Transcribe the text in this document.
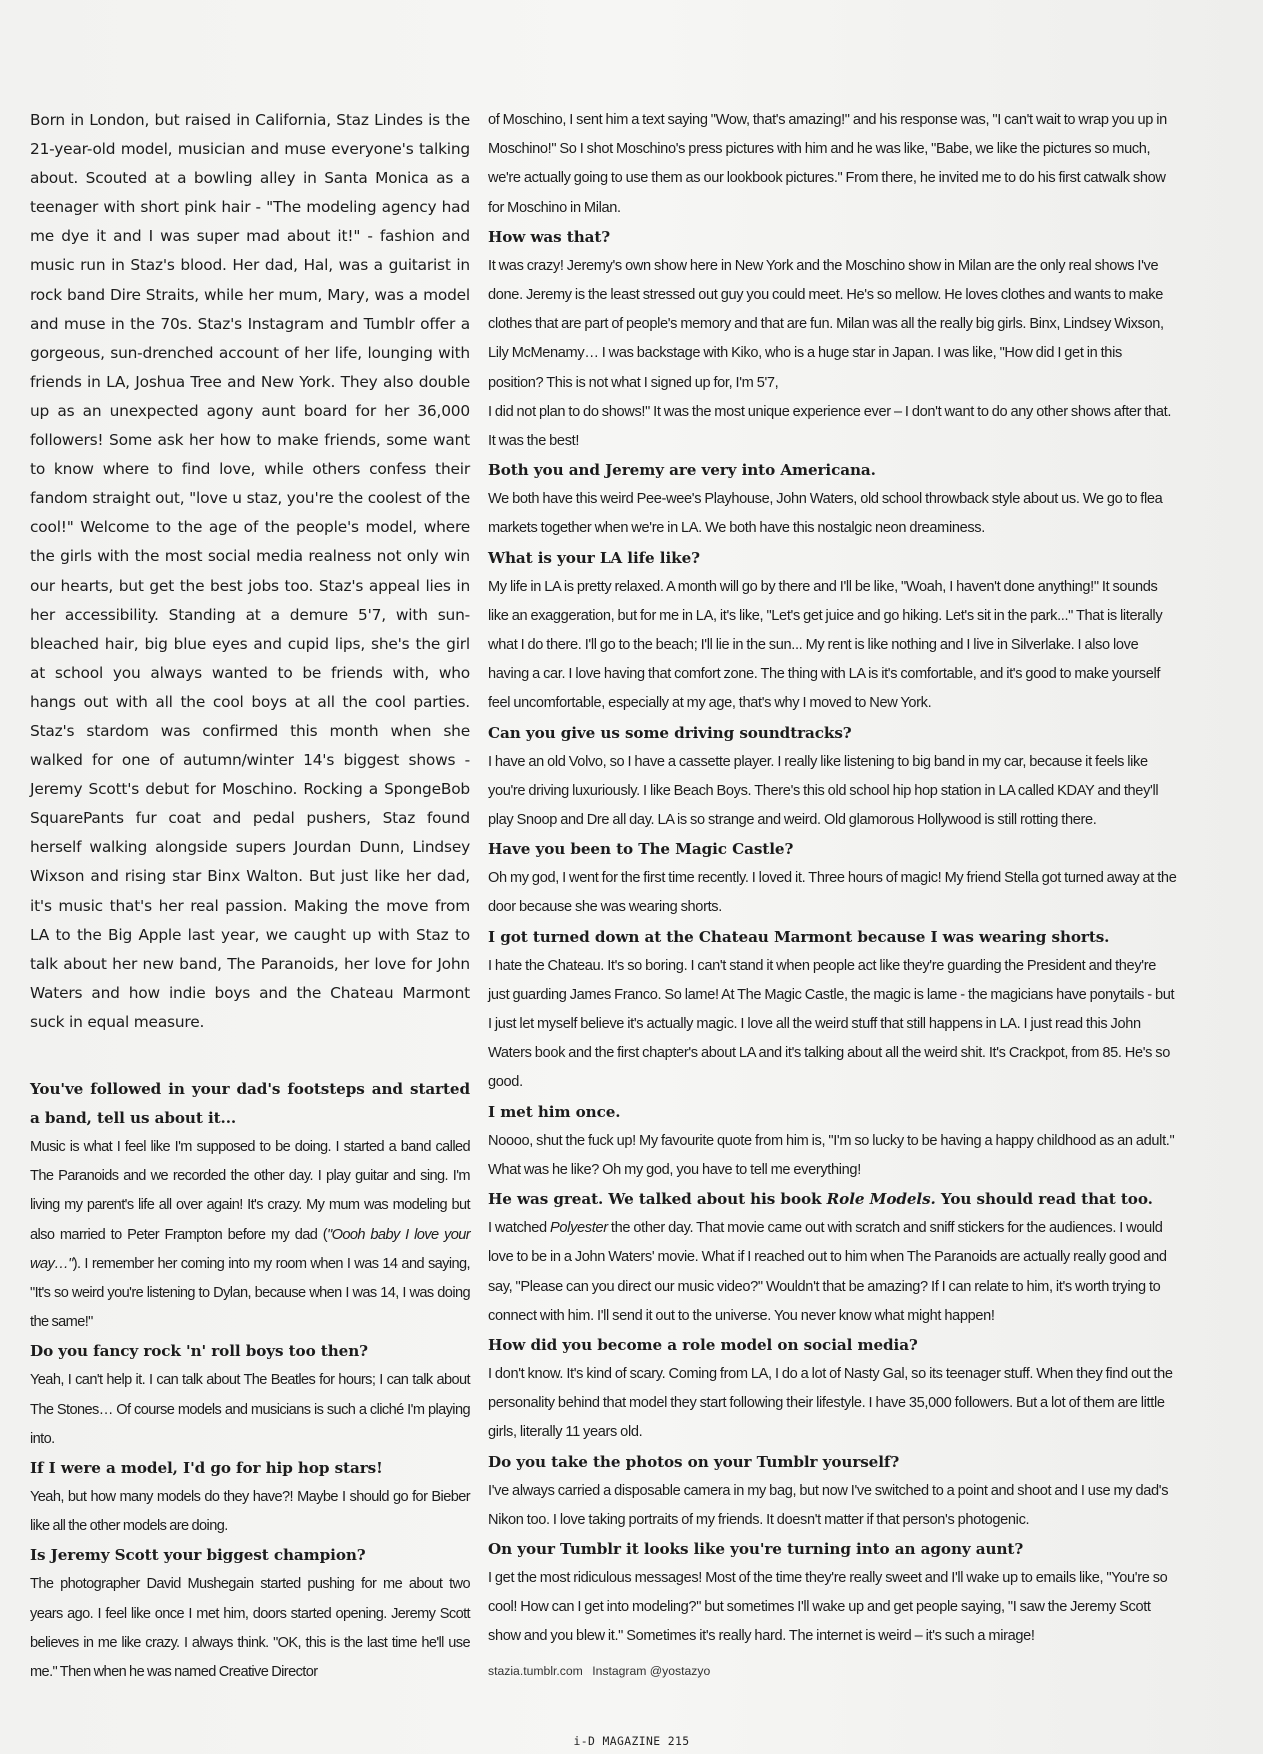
Born in London, but raised in California, Staz Lindes is the 21-year-old model, musician and muse everyone's talking about. Scouted at a bowling alley in Santa Monica as a teenager with short pink hair - "The modeling agency had me dye it and I was super mad about it!" - fashion and music run in Staz's blood. Her dad, Hal, was a guitarist in rock band Dire Straits, while her mum, Mary, was a model and muse in the 70s. Staz's Instagram and Tumblr offer a gorgeous, sun-drenched account of her life, lounging with friends in LA, Joshua Tree and New York. They also double up as an unexpected agony aunt board for her 36,000 followers! Some ask her how to make friends, some want to know where to find love, while others confess their fandom straight out, "love u staz, you're the coolest of the cool!" Welcome to the age of the people's model, where the girls with the most social media realness not only win our hearts, but get the best jobs too. Staz's appeal lies in her accessibility. Standing at a demure 5'7, with sun-bleached hair, big blue eyes and cupid lips, she's the girl at school you always wanted to be friends with, who hangs out with all the cool boys at all the cool parties. Staz's stardom was confirmed this month when she walked for one of autumn/winter 14's biggest shows - Jeremy Scott's debut for Moschino. Rocking a SpongeBob SquarePants fur coat and pedal pushers, Staz found herself walking alongside supers Jourdan Dunn, Lindsey Wixson and rising star Binx Walton. But just like her dad, it's music that's her real passion. Making the move from LA to the Big Apple last year, we caught up with Staz to talk about her new band, The Paranoids, her love for John Waters and how indie boys and the Chateau Marmont suck in equal measure.

You've followed in your dad's footsteps and started a band, tell us about it...

Music is what I feel like I'm supposed to be doing. I started a band called The Paranoids and we recorded the other day. I play guitar and sing. I'm living my parent's life all over again! It's crazy. My mum was modeling but also married to Peter Frampton before my dad ("Oooh baby I love your way…"). I remember her coming into my room when I was 14 and saying, "It's so weird you're listening to Dylan, because when I was 14, I was doing the same!"

Do you fancy rock 'n' roll boys too then?

Yeah, I can't help it. I can talk about The Beatles for hours; I can talk about The Stones… Of course models and musicians is such a cliché I'm playing into.

If I were a model, I'd go for hip hop stars!

Yeah, but how many models do they have?! Maybe I should go for Bieber like all the other models are doing.

Is Jeremy Scott your biggest champion?

The photographer David Mushegain started pushing for me about two years ago. I feel like once I met him, doors started opening. Jeremy Scott believes in me like crazy. I always think. "OK, this is the last time he'll use me." Then when he was named Creative Director

of Moschino, I sent him a text saying "Wow, that's amazing!" and his response was, "I can't wait to wrap you up in Moschino!" So I shot Moschino's press pictures with him and he was like, "Babe, we like the pictures so much, we're actually going to use them as our lookbook pictures." From there, he invited me to do his first catwalk show for Moschino in Milan.

How was that?

It was crazy! Jeremy's own show here in New York and the Moschino show in Milan are the only real shows I've done. Jeremy is the least stressed out guy you could meet. He's so mellow. He loves clothes and wants to make clothes that are part of people's memory and that are fun. Milan was all the really big girls. Binx, Lindsey Wixson, Lily McMenamy… I was backstage with Kiko, who is a huge star in Japan. I was like, "How did I get in this position? This is not what I signed up for, I'm 5'7,

I did not plan to do shows!" It was the most unique experience ever – I don't want to do any other shows after that. It was the best!

Both you and Jeremy are very into Americana.

We both have this weird Pee-wee's Playhouse, John Waters, old school throwback style about us. We go to flea markets together when we're in LA. We both have this nostalgic neon dreaminess.

What is your LA life like?

My life in LA is pretty relaxed. A month will go by there and I'll be like, "Woah, I haven't done anything!" It sounds like an exaggeration, but for me in LA, it's like, "Let's get juice and go hiking. Let's sit in the park..." That is literally what I do there. I'll go to the beach; I'll lie in the sun... My rent is like nothing and I live in Silverlake. I also love having a car. I love having that comfort zone. The thing with LA is it's comfortable, and it's good to make yourself feel uncomfortable, especially at my age, that's why I moved to New York.

Can you give us some driving soundtracks?

I have an old Volvo, so I have a cassette player. I really like listening to big band in my car, because it feels like you're driving luxuriously. I like Beach Boys. There's this old school hip hop station in LA called KDAY and they'll play Snoop and Dre all day. LA is so strange and weird. Old glamorous Hollywood is still rotting there.

Have you been to The Magic Castle?

Oh my god, I went for the first time recently. I loved it. Three hours of magic! My friend Stella got turned away at the door because she was wearing shorts.

I got turned down at the Chateau Marmont because I was wearing shorts.

I hate the Chateau. It's so boring. I can't stand it when people act like they're guarding the President and they're just guarding James Franco. So lame! At The Magic Castle, the magic is lame - the magicians have ponytails - but I just let myself believe it's actually magic. I love all the weird stuff that still happens in LA. I just read this John Waters book and the first chapter's about LA and it's talking about all the weird shit. It's Crackpot, from 85. He's so good.

I met him once.

Noooo, shut the fuck up! My favourite quote from him is, "I'm so lucky to be having a happy childhood as an adult." What was he like? Oh my god, you have to tell me everything!

He was great. We talked about his book Role Models. You should read that too.

I watched Polyester the other day. That movie came out with scratch and sniff stickers for the audiences. I would love to be in a John Waters' movie. What if I reached out to him when The Paranoids are actually really good and say, "Please can you direct our music video?" Wouldn't that be amazing? If I can relate to him, it's worth trying to connect with him. I'll send it out to the universe. You never know what might happen!

How did you become a role model on social media?

I don't know. It's kind of scary. Coming from LA, I do a lot of Nasty Gal, so its teenager stuff. When they find out the personality behind that model they start following their lifestyle. I have 35,000 followers. But a lot of them are little girls, literally 11 years old.

Do you take the photos on your Tumblr yourself?

I've always carried a disposable camera in my bag, but now I've switched to a point and shoot and I use my dad's Nikon too. I love taking portraits of my friends. It doesn't matter if that person's photogenic.

On your Tumblr it looks like you're turning into an agony aunt?

I get the most ridiculous messages! Most of the time they're really sweet and I'll wake up to emails like, "You're so cool! How can I get into modeling?" but sometimes I'll wake up and get people saying, "I saw the Jeremy Scott show and you blew it." Sometimes it's really hard. The internet is weird – it's such a mirage!

stazia.tumblr.com Instagram @yostazyo
i-D MAGAZINE 215
